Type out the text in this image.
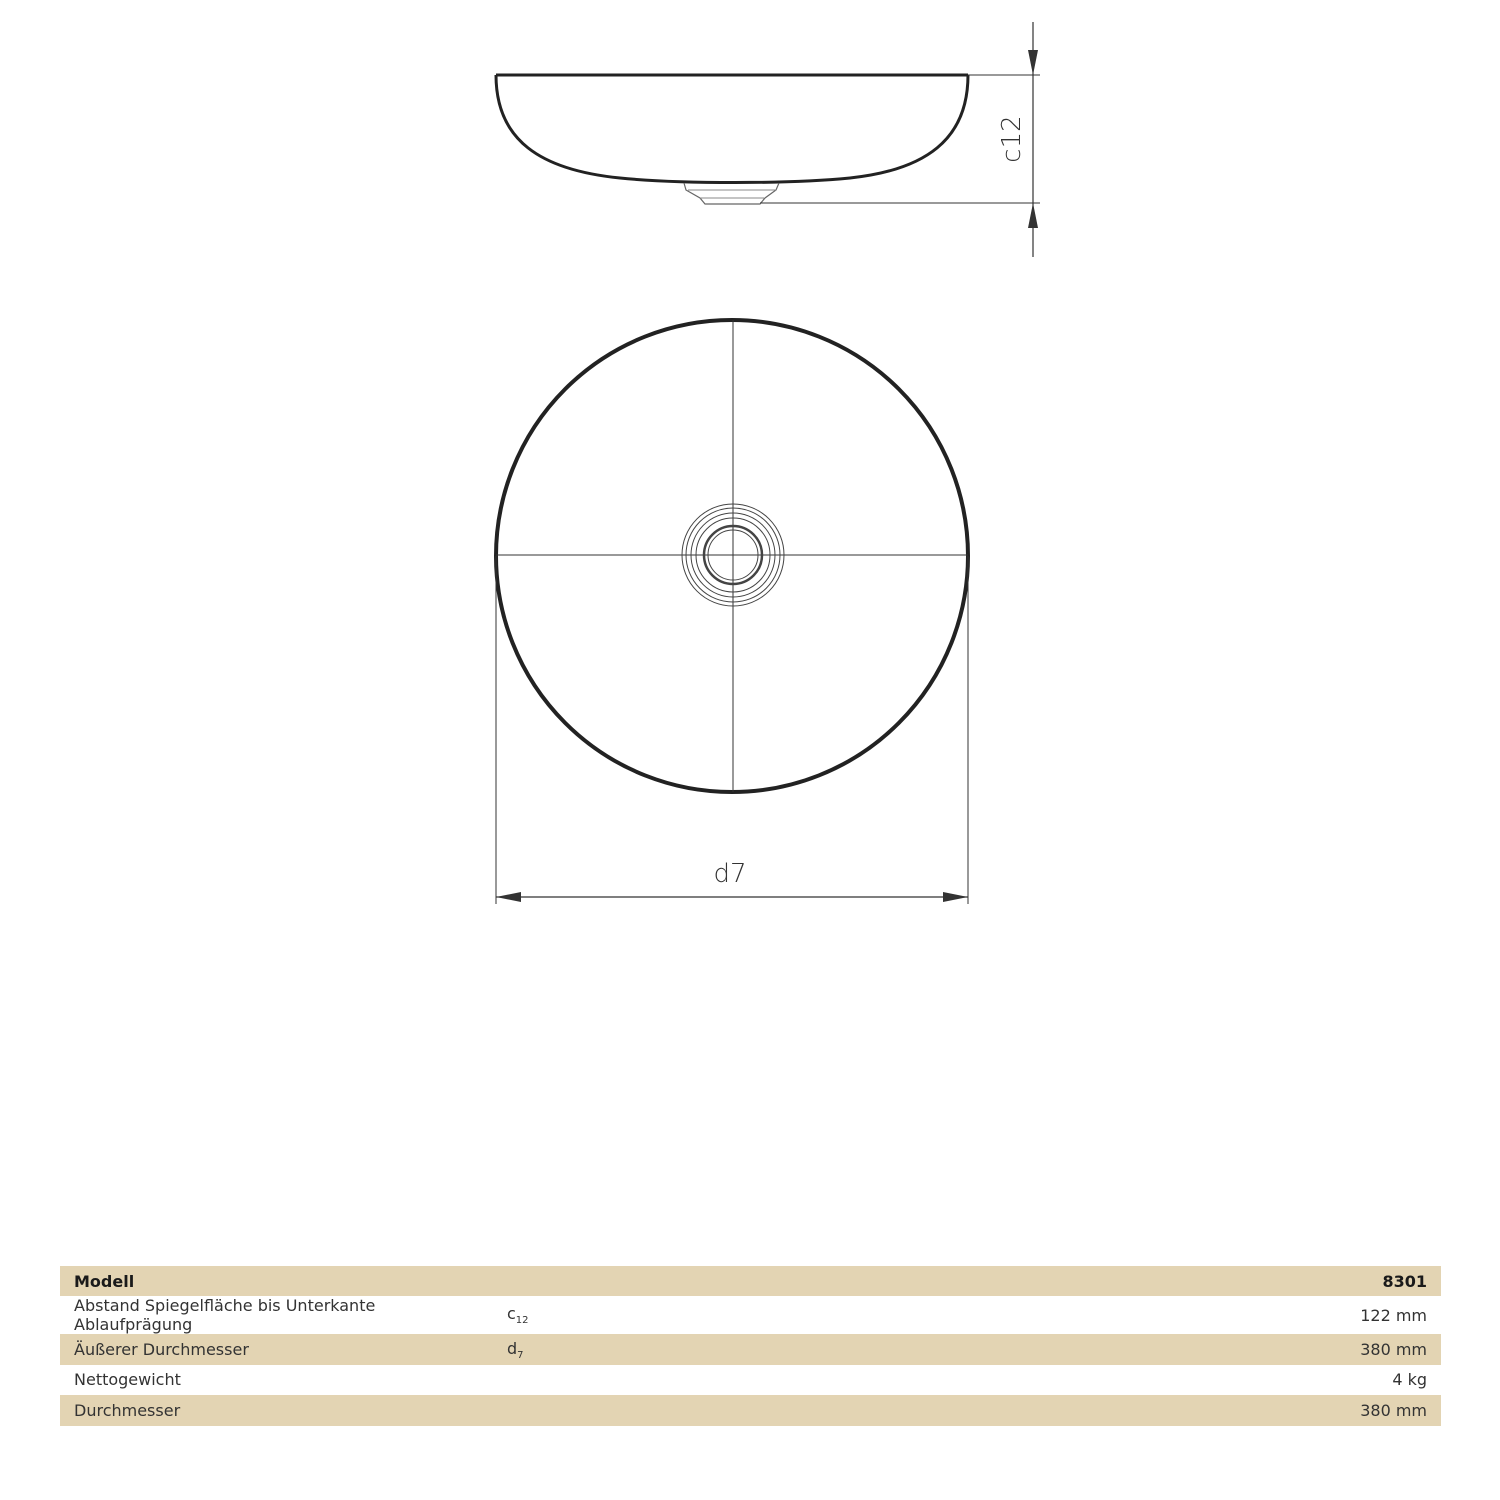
c12
d7
Modell		8301
Abstand Spiegelfläche bis Unterkante Ablaufprägung	$c_{12}$	122 mm
Äußerer Durchmesser	$d_7$	380 mm
Nettogewicht		4 kg
Durchmesser		380 mm
